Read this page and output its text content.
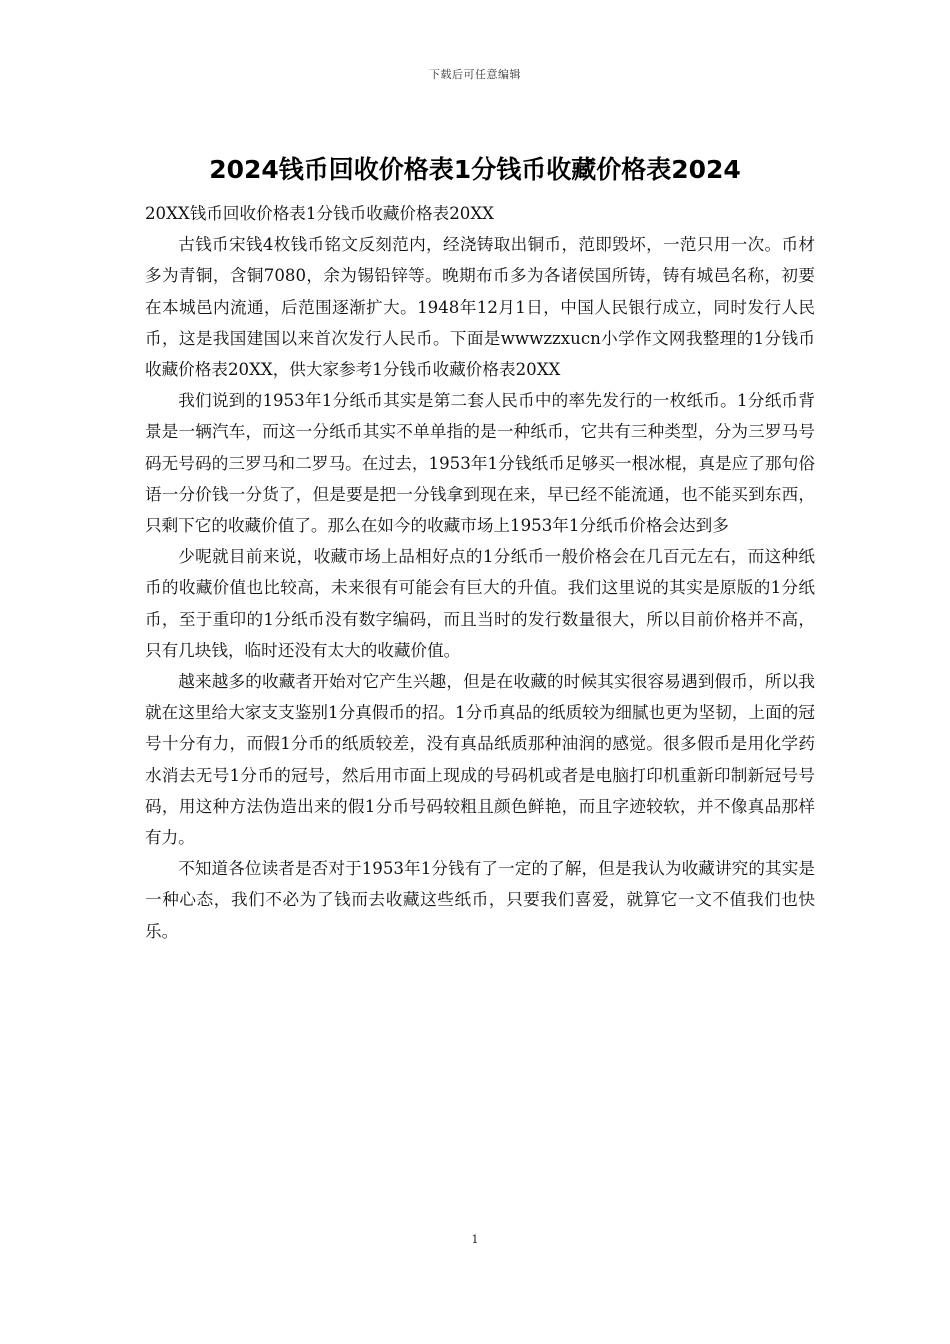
下载后可任意编辑
2024钱币回收价格表1分钱币收藏价格表2024

20XX钱币回收价格表1分钱币收藏价格表20XX

古钱币宋钱4枚钱币铭文反刻范内，经浇铸取出铜币，范即毁坏，一范只用一次。币材多为青铜，含铜7080，余为锡铅锌等。晚期布币多为各诸侯国所铸，铸有城邑名称，初要在本城邑内流通，后范围逐渐扩大。1948年12月1日，中国人民银行成立，同时发行人民币，这是我国建国以来首次发行人民币。下面是wwwzzxucn小学作文网我整理的1分钱币收藏价格表20XX，供大家参考1分钱币收藏价格表20XX

我们说到的1953年1分纸币其实是第二套人民币中的率先发行的一枚纸币。1分纸币背景是一辆汽车，而这一分纸币其实不单单指的是一种纸币，它共有三种类型，分为三罗马号码无号码的三罗马和二罗马。在过去，1953年1分钱纸币足够买一根冰棍，真是应了那句俗语一分价钱一分货了，但是要是把一分钱拿到现在来，早已经不能流通，也不能买到东西，只剩下它的收藏价值了。那么在如今的收藏市场上1953年1分纸币价格会达到多

少呢就目前来说，收藏市场上品相好点的1分纸币一般价格会在几百元左右，而这种纸币的收藏价值也比较高，未来很有可能会有巨大的升值。我们这里说的其实是原版的1分纸币，至于重印的1分纸币没有数字编码，而且当时的发行数量很大，所以目前价格并不高，只有几块钱，临时还没有太大的收藏价值。

越来越多的收藏者开始对它产生兴趣，但是在收藏的时候其实很容易遇到假币，所以我就在这里给大家支支鉴别1分真假币的招。1分币真品的纸质较为细腻也更为坚韧，上面的冠号十分有力，而假1分币的纸质较差，没有真品纸质那种油润的感觉。很多假币是用化学药水消去无号1分币的冠号，然后用市面上现成的号码机或者是电脑打印机重新印制新冠号号码，用这种方法伪造出来的假1分币号码较粗且颜色鲜艳，而且字迹较软，并不像真品那样有力。

不知道各位读者是否对于1953年1分钱有了一定的了解，但是我认为收藏讲究的其实是一种心态，我们不必为了钱而去收藏这些纸币，只要我们喜爱，就算它一文不值我们也快乐。

1
